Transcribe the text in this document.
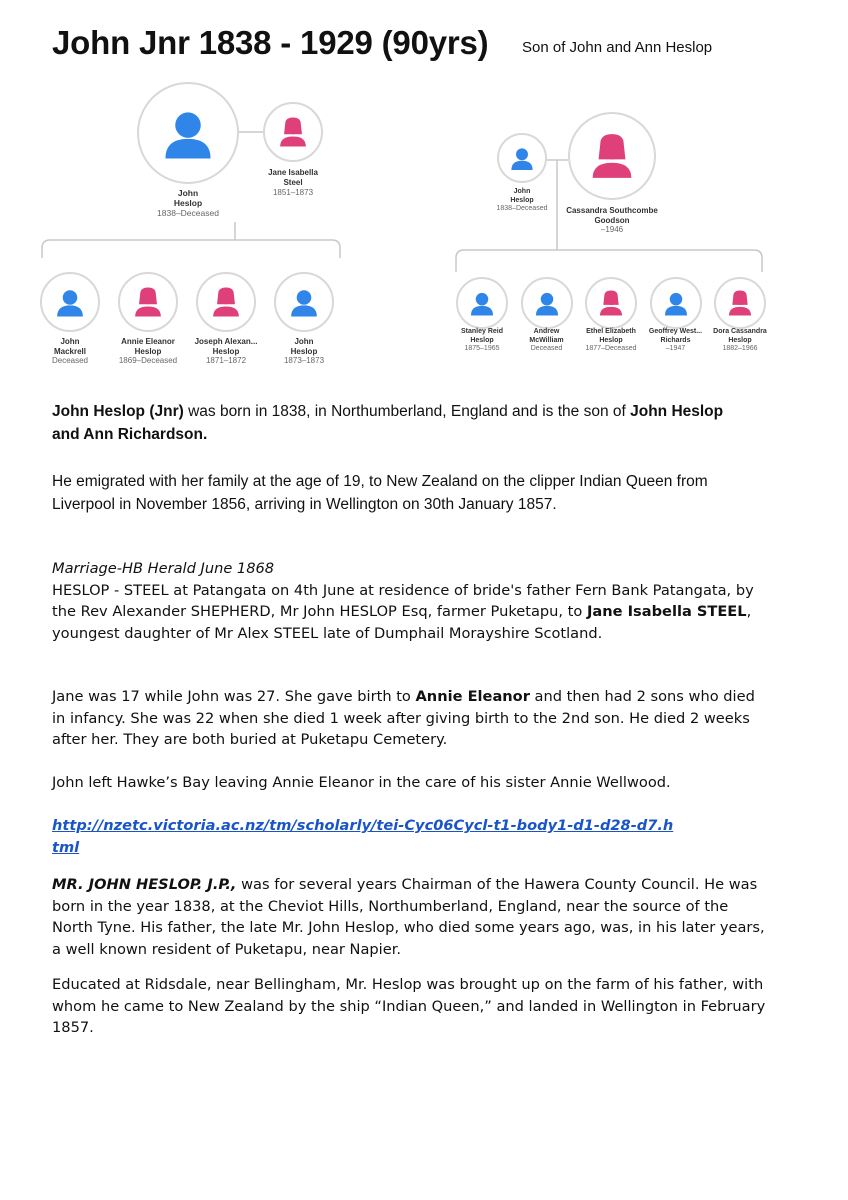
John Jnr 1838 - 1929 (90yrs) Son of John and Ann Heslop
John
Heslop
1838–Deceased
Jane Isabella
Steel
1851–1873
John
Mackrell
Deceased
Annie Eleanor
Heslop
1869–Deceased
Joseph Alexan...
Heslop
1871–1872
John
Heslop
1873–1873
John
Heslop
1838–Deceased	Cassandra Southcombe
Goodson
–1946
Stanley Reid
Heslop
1875–1965
Andrew
McWilliam
Deceased
Ethel Elizabeth
Heslop
1877–Deceased
Geoffrey West...
Richards
–1947
Dora Cassandra
Heslop
1882–1966
John Heslop (Jnr) was born in 1838, in Northumberland, England and is the son of John Heslop and Ann Richardson.
He emigrated with her family at the age of 19, to New Zealand on the clipper Indian Queen from Liverpool in November 1856, arriving in Wellington on 30th January 1857.
Marriage-HB Herald June 1868
HESLOP - STEEL at Patangata on 4th June at residence of bride's father Fern Bank Patangata, by the Rev Alexander SHEPHERD, Mr John HESLOP Esq, farmer Puketapu, to Jane Isabella STEEL, youngest daughter of Mr Alex STEEL late of Dumphail Morayshire Scotland.
Jane was 17 while John was 27. She gave birth to Annie Eleanor and then had 2 sons who died in infancy. She was 22 when she died 1 week after giving birth to the 2nd son. He died 2 weeks after her. They are both buried at Puketapu Cemetery.
John left Hawke’s Bay leaving Annie Eleanor in the care of his sister Annie Wellwood.
http://nzetc.victoria.ac.nz/tm/scholarly/tei-Cyc06Cycl-t1-body1-d1-d28-d7.h
tml
MR. JOHN HESLOP. J.P., was for several years Chairman of the Hawera County Council. He was born in the year 1838, at the Cheviot Hills, Northumberland, England, near the source of the North Tyne. His father, the late Mr. John Heslop, who died some years ago, was, in his later years, a well known resident of Puketapu, near Napier.
Educated at Ridsdale, near Bellingham, Mr. Heslop was brought up on the farm of his father, with whom he came to New Zealand by the ship “Indian Queen,” and landed in Wellington in February 1857.
